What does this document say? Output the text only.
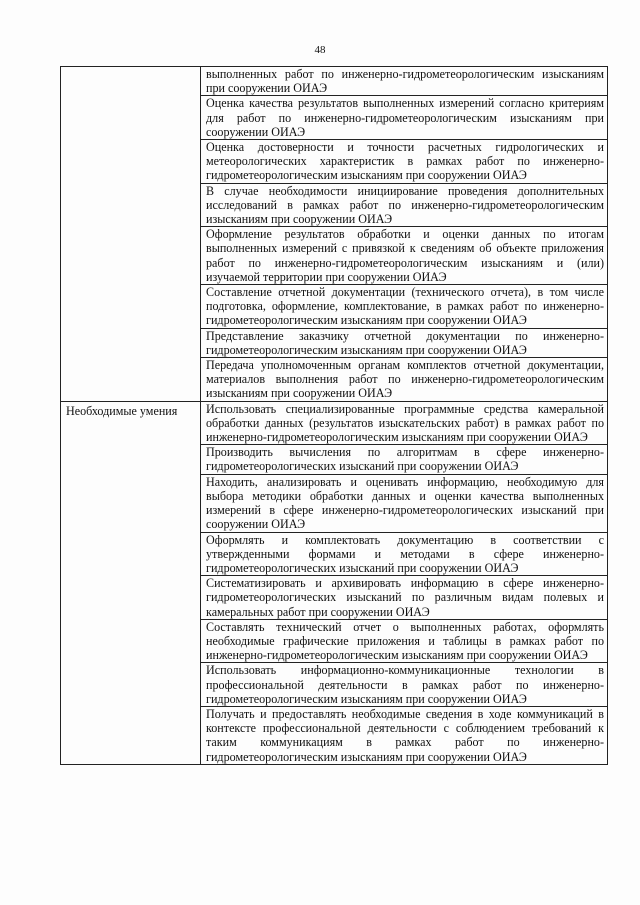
48
	выполненных работ по инженерно-гидрометеорологическим изысканиям при сооружении ОИАЭ
	Оценка качества результатов выполненных измерений согласно критериям для работ по инженерно-гидрометеорологическим изысканиям при сооружении ОИАЭ
	Оценка достоверности и точности расчетных гидрологических и метеорологических характеристик в рамках работ по инженерно-гидрометеорологическим изысканиям при сооружении ОИАЭ
	В случае необходимости инициирование проведения дополнительных исследований в рамках работ по инженерно-гидрометеорологическим изысканиям при сооружении ОИАЭ
	Оформление результатов обработки и оценки данных по итогам выполненных измерений с привязкой к сведениям об объекте приложения работ по инженерно-гидрометеорологическим изысканиям и (или) изучаемой территории при сооружении ОИАЭ
	Составление отчетной документации (технического отчета), в том числе подготовка, оформление, комплектование, в рамках работ по инженерно-гидрометеорологическим изысканиям при сооружении ОИАЭ
	Представление заказчику отчетной документации по инженерно-гидрометеорологическим изысканиям при сооружении ОИАЭ
	Передача уполномоченным органам комплектов отчетной документации, материалов выполнения работ по инженерно-гидрометеорологическим изысканиям при сооружении ОИАЭ

Необходимые умения	Использовать специализированные программные средства камеральной обработки данных (результатов изыскательских работ) в рамках работ по инженерно-гидрометеорологическим изысканиям при сооружении ОИАЭ
	Производить вычисления по алгоритмам в сфере инженерно-гидрометеорологических изысканий при сооружении ОИАЭ
	Находить, анализировать и оценивать информацию, необходимую для выбора методики обработки данных и оценки качества выполненных измерений в сфере инженерно-гидрометеорологических изысканий при сооружении ОИАЭ
	Оформлять и комплектовать документацию в соответствии с утвержденными формами и методами в сфере инженерно-гидрометеорологических изысканий при сооружении ОИАЭ
	Систематизировать и архивировать информацию в сфере инженерно-гидрометеорологических изысканий по различным видам полевых и камеральных работ при сооружении ОИАЭ
	Составлять технический отчет о выполненных работах, оформлять необходимые графические приложения и таблицы в рамках работ по инженерно-гидрометеорологическим изысканиям при сооружении ОИАЭ
	Использовать информационно-коммуникационные технологии в профессиональной деятельности в рамках работ по инженерно-гидрометеорологическим изысканиям при сооружении ОИАЭ
	Получать и предоставлять необходимые сведения в ходе коммуникаций в контексте профессиональной деятельности с соблюдением требований к таким коммуникациям в рамках работ по инженерно-гидрометеорологическим изысканиям при сооружении ОИАЭ
